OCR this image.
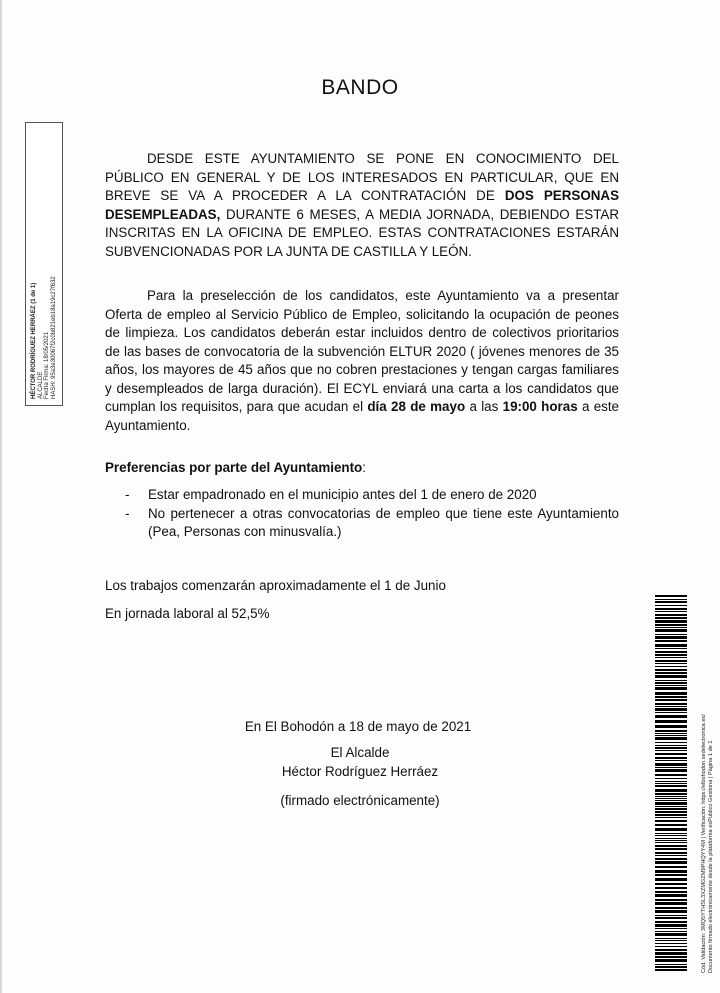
BANDO
DESDE ESTE AYUNTAMIENTO SE PONE EN CONOCIMIENTO DEL PÚBLICO EN GENERAL Y DE LOS INTERESADOS EN PARTICULAR, QUE EN BREVE SE VA A PROCEDER A LA CONTRATACIÓN DE DOS PERSONAS DESEMPLEADAS, DURANTE 6 MESES, A MEDIA JORNADA, DEBIENDO ESTAR INSCRITAS EN LA OFICINA DE EMPLEO. ESTAS CONTRATACIONES ESTARÁN SUBVENCIONADAS POR LA JUNTA DE CASTILLA Y LEÓN.
Para la preselección de los candidatos, este Ayuntamiento va a presentar Oferta de empleo al Servicio Público de Empleo, solicitando la ocupación de peones de limpieza. Los candidatos deberán estar incluidos dentro de colectivos prioritarios de las bases de convocatoria de la subvención ELTUR 2020 ( jóvenes menores de 35 años, los mayores de 45 años que no cobren prestaciones y tengan cargas familiares y desempleados de larga duración). El ECYL enviará una carta a los candidatos que cumplan los requisitos, para que acudan el día 28 de mayo a las 19:00 horas a este Ayuntamiento.
Preferencias por parte del Ayuntamiento:
- Estar empadronado en el municipio antes del 1 de enero de 2020
- No pertenecer a otras convocatorias de empleo que tiene este Ayuntamiento (Pea, Personas con minusvalía.)
Los trabajos comenzarán aproximadamente el 1 de Junio
En jornada laboral al 52,5%
En El Bohodón a 18 de mayo de 2021
El Alcalde
Héctor Rodríguez Herráez
(firmado electrónicamente)
HÉCTOR RODRÍGUEZ HERRÁEZ (1 de 1) ALCALDE Fecha Firma: 18/05/2021 HASH: 95a3e30067f2c0b821eb18a19c27f632
Cód. Validación: 3MQ5YTHSL3XZMGZM9PHQYY4M | Verificación: https://elbohodon.sedelectronica.es/ Documento firmado electrónicamente desde la plataforma esPublico Gestiona | Página 1 de 1
